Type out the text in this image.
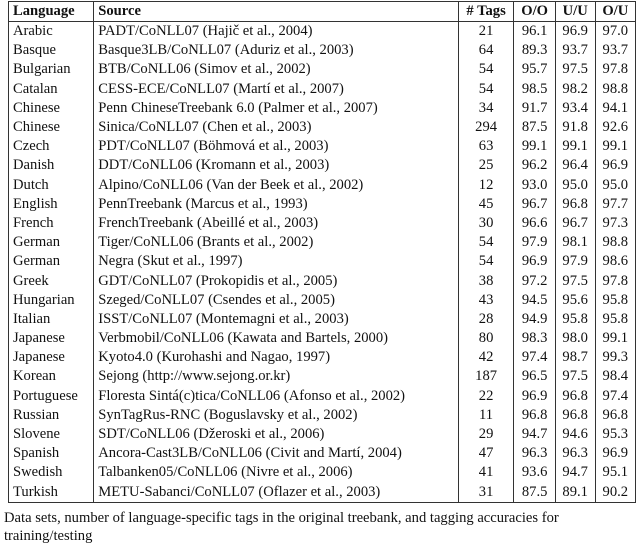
Language	Source	# Tags	O/O	U/U	O/U
Arabic	PADT/CoNLL07 (Hajič et al., 2004)	21	96.1	96.9	97.0
Basque	Basque3LB/CoNLL07 (Aduriz et al., 2003)	64	89.3	93.7	93.7
Bulgarian	BTB/CoNLL06 (Simov et al., 2002)	54	95.7	97.5	97.8
Catalan	CESS-ECE/CoNLL07 (Martí et al., 2007)	54	98.5	98.2	98.8
Chinese	Penn ChineseTreebank 6.0 (Palmer et al., 2007)	34	91.7	93.4	94.1
Chinese	Sinica/CoNLL07 (Chen et al., 2003)	294	87.5	91.8	92.6
Czech	PDT/CoNLL07 (Böhmová et al., 2003)	63	99.1	99.1	99.1
Danish	DDT/CoNLL06 (Kromann et al., 2003)	25	96.2	96.4	96.9
Dutch	Alpino/CoNLL06 (Van der Beek et al., 2002)	12	93.0	95.0	95.0
English	PennTreebank (Marcus et al., 1993)	45	96.7	96.8	97.7
French	FrenchTreebank (Abeillé et al., 2003)	30	96.6	96.7	97.3
German	Tiger/CoNLL06 (Brants et al., 2002)	54	97.9	98.1	98.8
German	Negra (Skut et al., 1997)	54	96.9	97.9	98.6
Greek	GDT/CoNLL07 (Prokopidis et al., 2005)	38	97.2	97.5	97.8
Hungarian	Szeged/CoNLL07 (Csendes et al., 2005)	43	94.5	95.6	95.8
Italian	ISST/CoNLL07 (Montemagni et al., 2003)	28	94.9	95.8	95.8
Japanese	Verbmobil/CoNLL06 (Kawata and Bartels, 2000)	80	98.3	98.0	99.1
Japanese	Kyoto4.0 (Kurohashi and Nagao, 1997)	42	97.4	98.7	99.3
Korean	Sejong (http://www.sejong.or.kr)	187	96.5	97.5	98.4
Portuguese	Floresta Sintá(c)tica/CoNLL06 (Afonso et al., 2002)	22	96.9	96.8	97.4
Russian	SynTagRus-RNC (Boguslavsky et al., 2002)	11	96.8	96.8	96.8
Slovene	SDT/CoNLL06 (Džeroski et al., 2006)	29	94.7	94.6	95.3
Spanish	Ancora-Cast3LB/CoNLL06 (Civit and Martí, 2004)	47	96.3	96.3	96.9
Swedish	Talbanken05/CoNLL06 (Nivre et al., 2006)	41	93.6	94.7	95.1
Turkish	METU-Sabanci/CoNLL07 (Oflazer et al., 2003)	31	87.5	89.1	90.2
Data sets, number of language-specific tags in the original treebank, and tagging accuracies for training/testing
